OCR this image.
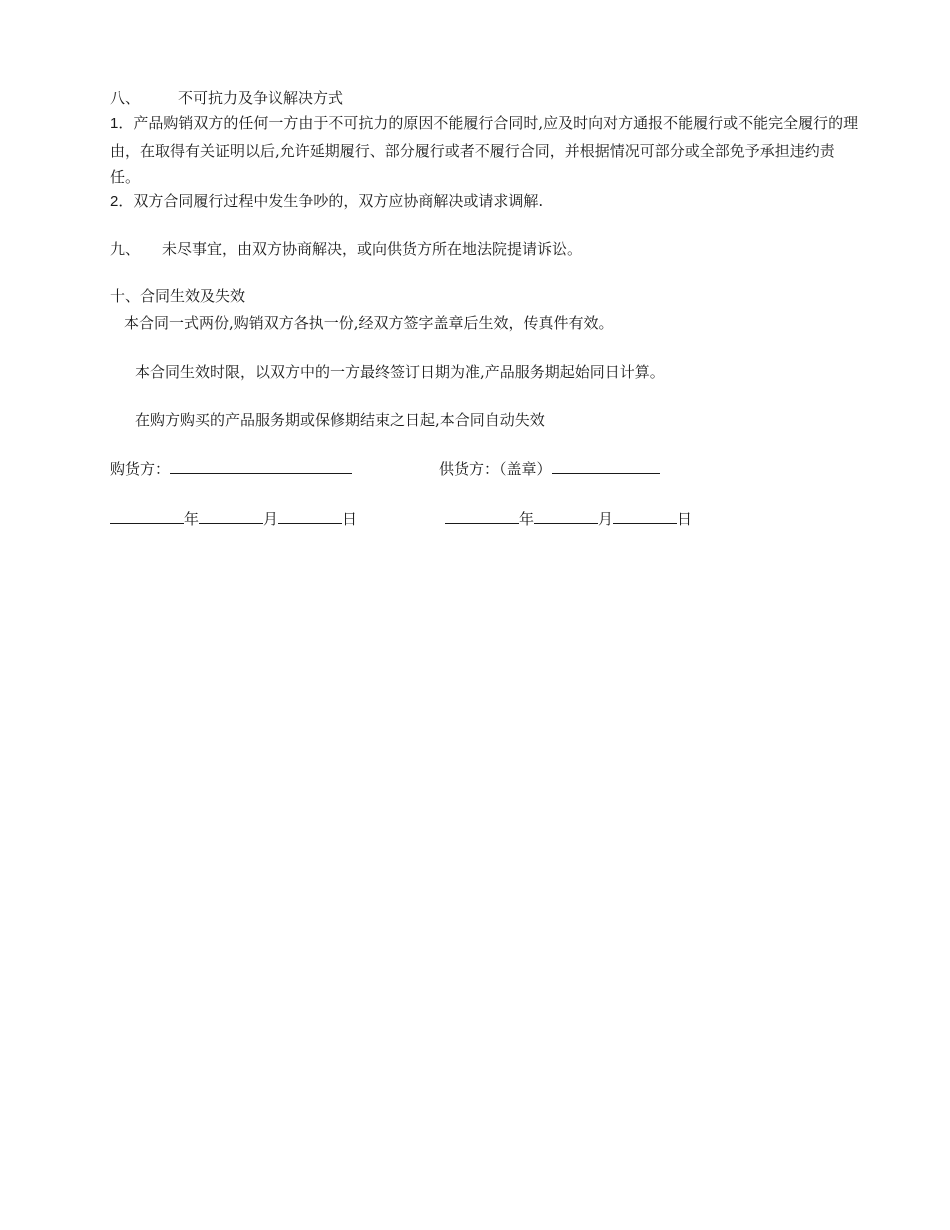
八、	不可抗力及争议解决方式

1．产品购销双方的任何一方由于不可抗力的原因不能履行合同时,应及时向对方通报不能履行或不能完全履行的理由，在取得有关证明以后,允许延期履行、部分履行或者不履行合同，并根据情况可部分或全部免予承担违约责任。

2．双方合同履行过程中发生争吵的，双方应协商解决或请求调解.
九、 未尽事宜，由双方协商解决，或向供货方所在地法院提请诉讼。
十、合同生效及失效
本合同一式两份,购销双方各执一份,经双方签字盖章后生效，传真件有效。
本合同生效时限，以双方中的一方最终签订日期为准,产品服务期起始同日计算。
在购方购买的产品服务期或保修期结束之日起,本合同自动失效
购货方：	供货方：（盖章）
年	月	日	年	月	日
